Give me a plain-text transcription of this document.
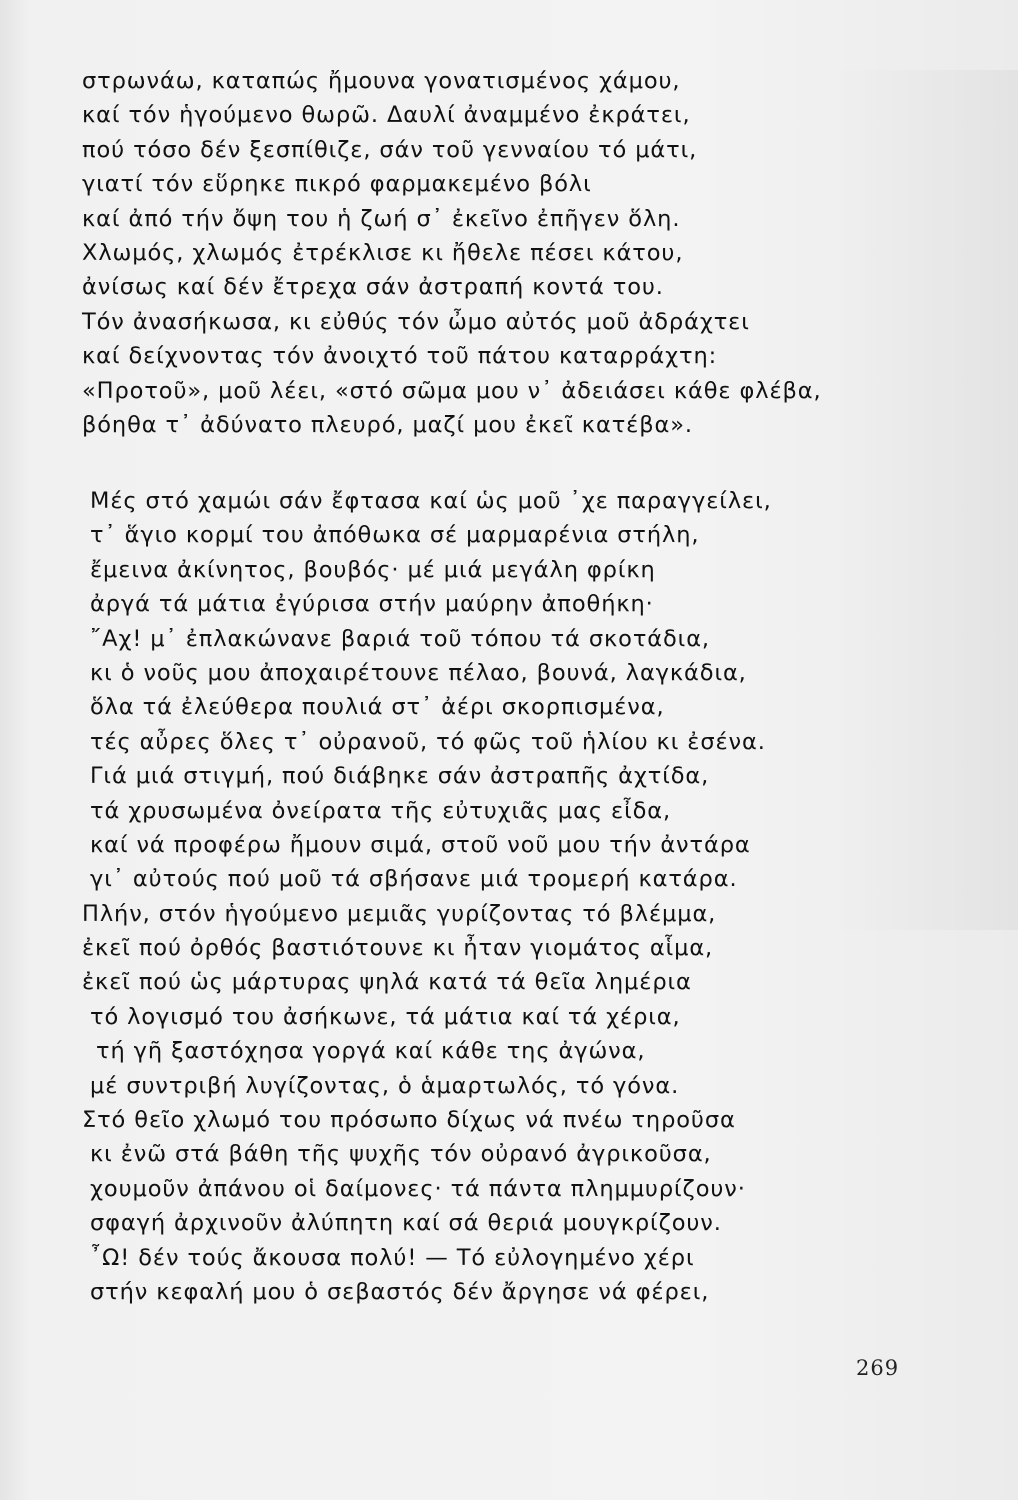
στρωνάω, καταπώς ἤμουνα γονατισμένος χάμου,
καί τόν ἡγούμενο θωρῶ. Δαυλί ἀναμμένο ἐκράτει,
πού τόσο δέν ξεσπίθιζε, σάν τοῦ γενναίου τό μάτι,
γιατί τόν εὕρηκε πικρό φαρμακεμένο βόλι
καί ἀπό τήν ὄψη του ἡ ζωή σ᾿ ἐκεῖνο ἐπῆγεν ὅλη.
Χλωμός, χλωμός ἐτρέκλισε κι ἤθελε πέσει κάτου,
ἀνίσως καί δέν ἔτρεχα σάν ἀστραπή κοντά του.
Τόν ἀνασήκωσα, κι εὐθύς τόν ὦμο αὐτός μοῦ ἀδράχτει
καί δείχνοντας τόν ἀνοιχτό τοῦ πάτου καταρράχτη:
«Προτοῦ», μοῦ λέει, «στό σῶμα μου ν᾿ ἀδειάσει κάθε φλέβα,
βόηθα τ᾿ ἀδύνατο πλευρό, μαζί μου ἐκεῖ κατέβα».
Μές στό χαμώι σάν ἔφτασα καί ὡς μοῦ ᾿χε παραγγείλει,
τ᾿ ἅγιο κορμί του ἀπόθωκα σέ μαρμαρένια στήλη,
ἔμεινα ἀκίνητος, βουβός· μέ μιά μεγάλη φρίκη
ἀργά τά μάτια ἐγύρισα στήν μαύρην ἀποθήκη·
῎Αχ! μ᾿ ἐπλακώνανε βαριά τοῦ τόπου τά σκοτάδια,
κι ὁ νοῦς μου ἀποχαιρέτουνε πέλαο, βουνά, λαγκάδια,
ὅλα τά ἐλεύθερα πουλιά στ᾿ ἀέρι σκορπισμένα,
τές αὖρες ὅλες τ᾿ οὐρανοῦ, τό φῶς τοῦ ἡλίου κι ἐσένα.
Γιά μιά στιγμή, πού διάβηκε σάν ἀστραπῆς ἀχτίδα,
τά χρυσωμένα ὀνείρατα τῆς εὐτυχιᾶς μας εἶδα,
καί νά προφέρω ἤμουν σιμά, στοῦ νοῦ μου τήν ἀντάρα
γι᾿ αὐτούς πού μοῦ τά σβήσανε μιά τρομερή κατάρα.
Πλήν, στόν ἡγούμενο μεμιᾶς γυρίζοντας τό βλέμμα,
ἐκεῖ πού ὀρθός βαστιότουνε κι ἦταν γιομάτος αἷμα,
ἐκεῖ πού ὡς μάρτυρας ψηλά κατά τά θεῖα λημέρια
τό λογισμό του ἀσήκωνε, τά μάτια καί τά χέρια,
τή γῆ ξαστόχησα γοργά καί κάθε της ἀγώνα,
μέ συντριβή λυγίζοντας, ὁ ἁμαρτωλός, τό γόνα.
Στό θεῖο χλωμό του πρόσωπο δίχως νά πνέω τηροῦσα
κι ἐνῶ στά βάθη τῆς ψυχῆς τόν οὐρανό ἀγρικοῦσα,
χουμοῦν ἀπάνου οἱ δαίμονες· τά πάντα πλημμυρίζουν·
σφαγή ἀρχινοῦν ἀλύπητη καί σά θεριά μουγκρίζουν.
῏Ω! δέν τούς ἄκουσα πολύ! — Τό εὐλογημένο χέρι
στήν κεφαλή μου ὁ σεβαστός δέν ἄργησε νά φέρει,
269
